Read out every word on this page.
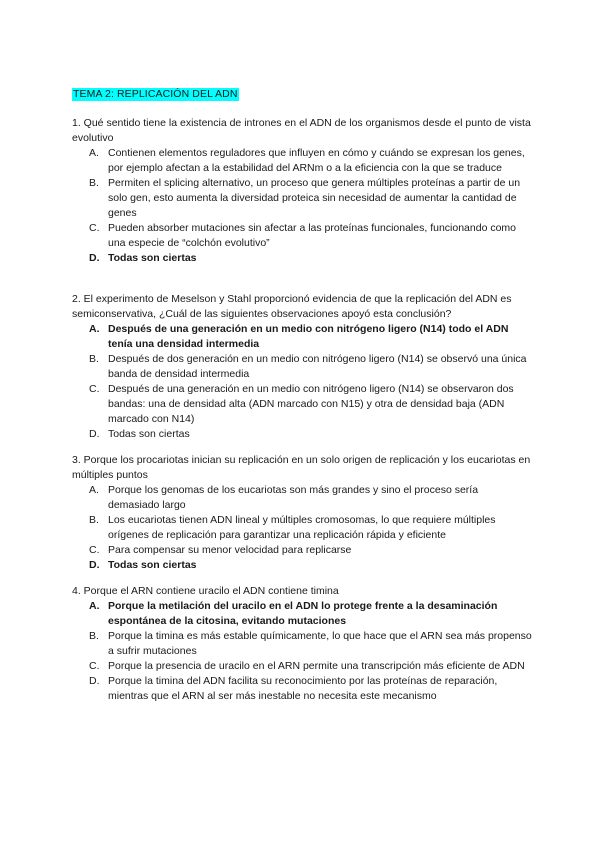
TEMA 2: REPLICACIÓN DEL ADN

1. Qué sentido tiene la existencia de intrones en el ADN de los organismos desde el punto de vista evolutivo

A. Contienen elementos reguladores que influyen en cómo y cuándo se expresan los genes, por ejemplo afectan a la estabilidad del ARNm o a la eficiencia con la que se traduce
B. Permiten el splicing alternativo, un proceso que genera múltiples proteínas a partir de un solo gen, esto aumenta la diversidad proteica sin necesidad de aumentar la cantidad de genes
C. Pueden absorber mutaciones sin afectar a las proteínas funcionales, funcionando como una especie de “colchón evolutivo”
D. Todas son ciertas

2. El experimento de Meselson y Stahl proporcionó evidencia de que la replicación del ADN es semiconservativa, ¿Cuál de las siguientes observaciones apoyó esta conclusión?

A. Después de una generación en un medio con nitrógeno ligero (N14) todo el ADN tenía una densidad intermedia
B. Después de dos generación en un medio con nitrógeno ligero (N14) se observó una única banda de densidad intermedia
C. Después de una generación en un medio con nitrógeno ligero (N14) se observaron dos bandas: una de densidad alta (ADN marcado con N15) y otra de densidad baja (ADN marcado con N14)
D. Todas son ciertas

3. Porque los procariotas inician su replicación en un solo origen de replicación y los eucariotas en múltiples puntos

A. Porque los genomas de los eucariotas son más grandes y sino el proceso sería demasiado largo
B. Los eucariotas tienen ADN lineal y múltiples cromosomas, lo que requiere múltiples orígenes de replicación para garantizar una replicación rápida y eficiente
C. Para compensar su menor velocidad para replicarse
D. Todas son ciertas

4. Porque el ARN contiene uracilo el ADN contiene timina

A. Porque la metilación del uracilo en el ADN lo protege frente a la desaminación espontánea de la citosina, evitando mutaciones
B. Porque la timina es más estable químicamente, lo que hace que el ARN sea más propenso a sufrir mutaciones
C. Porque la presencia de uracilo en el ARN permite una transcripción más eficiente de ADN
D. Porque la timina del ADN facilita su reconocimiento por las proteínas de reparación, mientras que el ARN al ser más inestable no necesita este mecanismo
